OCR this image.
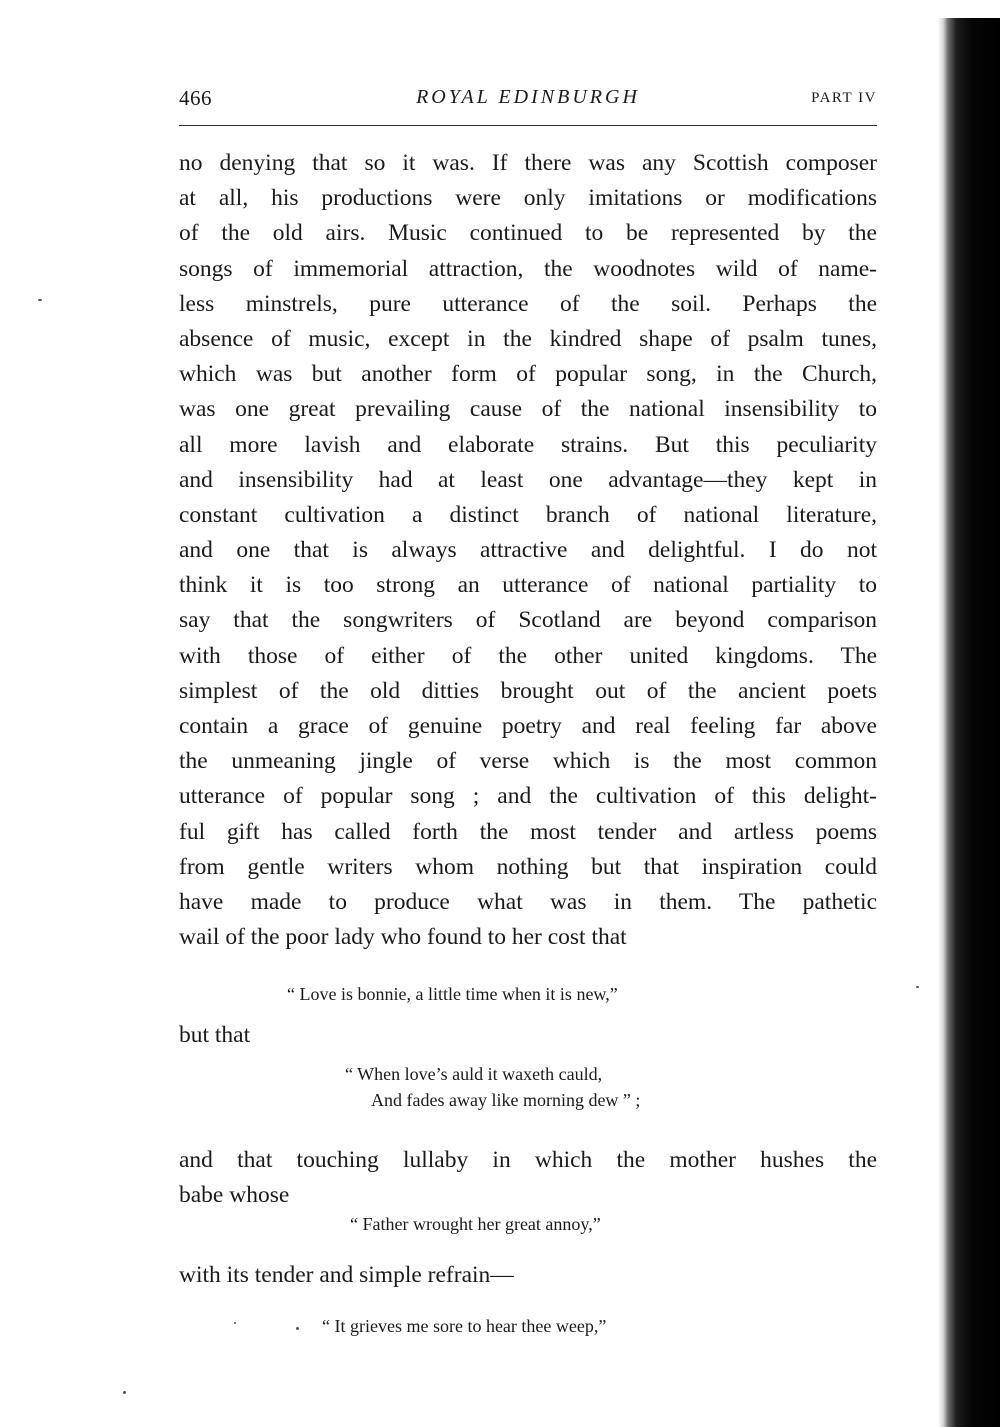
466	ROYAL EDINBURGH	PART IV
no denying that so it was. If there was any Scottish composer
at all, his productions were only imitations or modifications
of the old airs. Music continued to be represented by the
songs of immemorial attraction, the woodnotes wild of name-
less minstrels, pure utterance of the soil. Perhaps the
absence of music, except in the kindred shape of psalm tunes,
which was but another form of popular song, in the Church,
was one great prevailing cause of the national insensibility to
all more lavish and elaborate strains. But this peculiarity
and insensibility had at least one advantage—they kept in
constant cultivation a distinct branch of national literature,
and one that is always attractive and delightful. I do not
think it is too strong an utterance of national partiality to
say that the songwriters of Scotland are beyond comparison
with those of either of the other united kingdoms. The
simplest of the old ditties brought out of the ancient poets
contain a grace of genuine poetry and real feeling far above
the unmeaning jingle of verse which is the most common
utterance of popular song ; and the cultivation of this delight-
ful gift has called forth the most tender and artless poems
from gentle writers whom nothing but that inspiration could
have made to produce what was in them. The pathetic
wail of the poor lady who found to her cost that
“ Love is bonnie, a little time when it is new,”
but that
“ When love’s auld it waxeth cauld,
And fades away like morning dew ” ;
and that touching lullaby in which the mother hushes the
babe whose
“ Father wrought her great annoy,”
with its tender and simple refrain—
“ It grieves me sore to hear thee weep,”
